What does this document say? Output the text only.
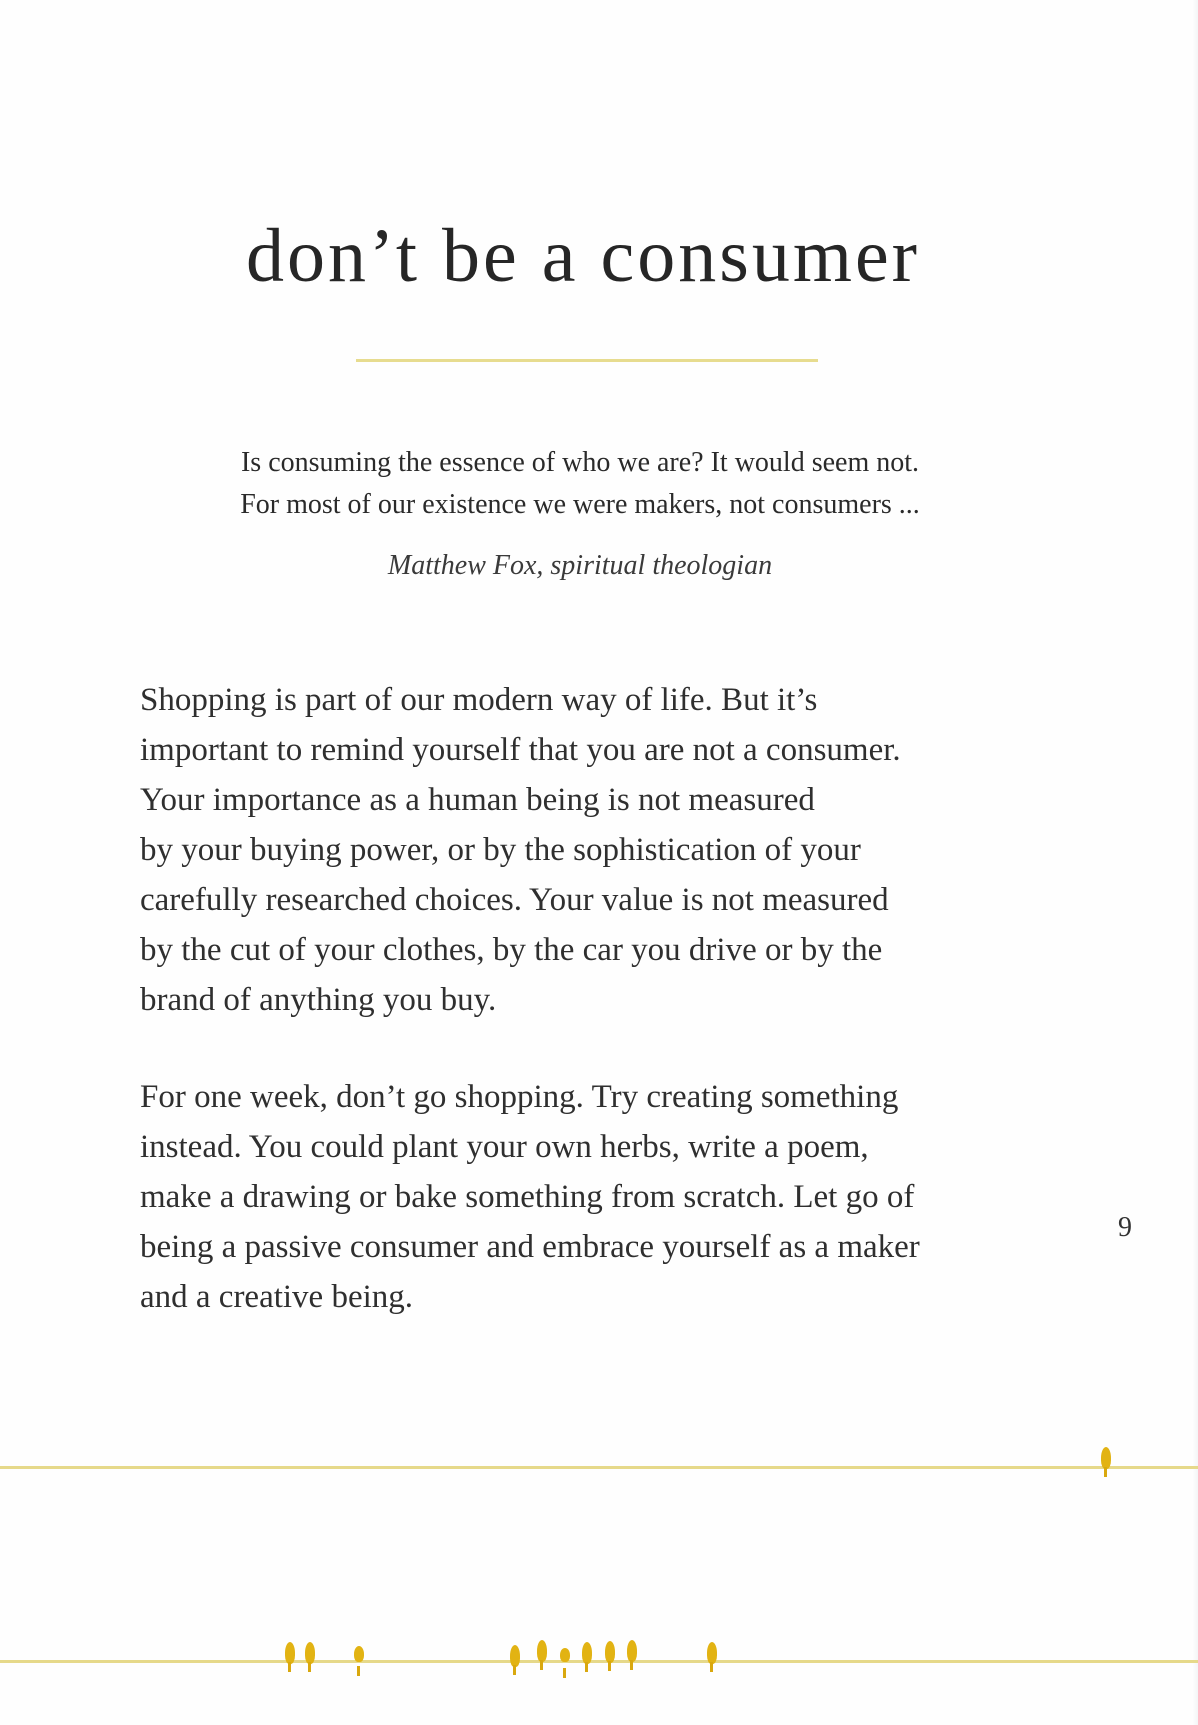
don’t be a consumer
Is consuming the essence of who we are? It would seem not.
For most of our existence we were makers, not consumers ...
Matthew Fox, spiritual theologian
Shopping is part of our modern way of life. But it’s
important to remind yourself that you are not a consumer.
Your importance as a human being is not measured
by your buying power, or by the sophistication of your
carefully researched choices. Your value is not measured
by the cut of your clothes, by the car you drive or by the
brand of anything you buy.
For one week, don’t go shopping. Try creating something
instead. You could plant your own herbs, write a poem,
make a drawing or bake something from scratch. Let go of
being a passive consumer and embrace yourself as a maker
and a creative being.
9
